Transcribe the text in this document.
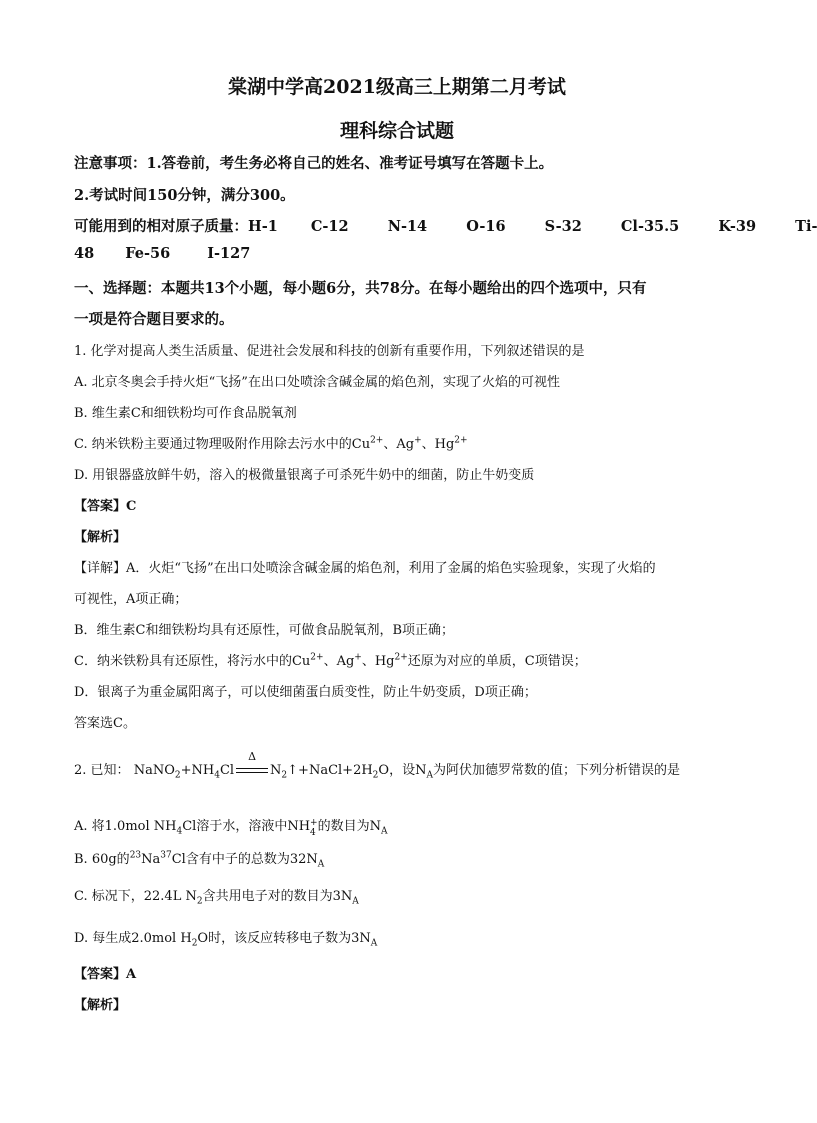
棠湖中学高2021级高三上期第二月考试
理科综合试题
注意事项：1.答卷前，考生务必将自己的姓名、准考证号填写在答题卡上。
2.考试时间150分钟，满分300。
可能用到的相对原子质量：H-1 C-12	N-14	O-16	S-32	Cl-35.5	K-39	Ti-
48 Fe-56	I-127
一、选择题：本题共13个小题，每小题6分，共78分。在每小题给出的四个选项中，只有
一项是符合题目要求的。
1. 化学对提高人类生活质量、促进社会发展和科技的创新有重要作用，下列叙述错误的是
A. 北京冬奥会手持火炬“飞扬”在出口处喷涂含碱金属的焰色剂，实现了火焰的可视性
B. 维生素C和细铁粉均可作食品脱氧剂
C. 纳米铁粉主要通过物理吸附作用除去污水中的$Cu^{2+}$、Ag+、$Hg^{2+}$
D. 用银器盛放鲜牛奶，溶入的极微量银离子可杀死牛奶中的细菌，防止牛奶变质
【答案】C
【解析】
【详解】A．火炬“飞扬”在出口处喷涂含碱金属的焰色剂，利用了金属的焰色实验现象，实现了火焰的
可视性，A项正确；
B．维生素C和细铁粉均具有还原性，可做食品脱氧剂，B项正确；
C．纳米铁粉具有还原性，将污水中的$Cu^{2+}$、Ag+、$Hg^{2+}$还原为对应的单质，C项错误；
D．银离子为重金属阳离子，可以使细菌蛋白质变性，防止牛奶变质，D项正确；
答案选C。
2. 已知： $NaNO_2+NH_4Cl$
Δ
$N_2↑+NaCl+2H_2O$，设$N_A$为阿伏加德罗常数的值；下列分析错误的是
A. 将1.0mol $NH_4Cl$溶于水，溶液中NH $^{4 +}$的数目为$N_A$
B. 60g的$^{23}$Na$^{37}$Cl含有中子的总数为$32N_A$
C. 标况下，22.4L $N_2$含共用电子对的数目为$3N_A$
D. 每生成2.0mol $H_2O$时，该反应转移电子数为$3N_A$
【答案】A
【解析】
